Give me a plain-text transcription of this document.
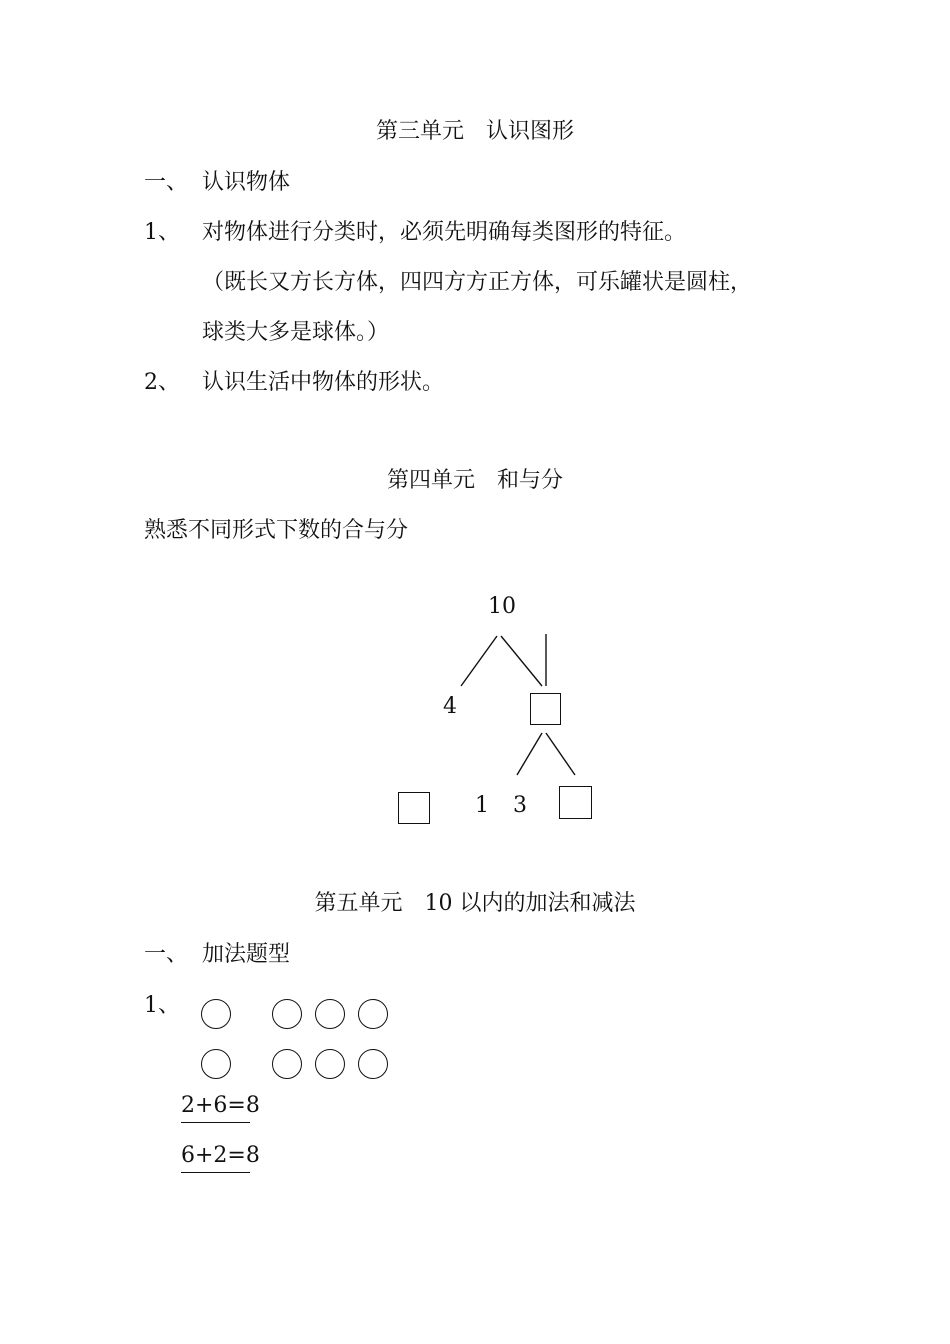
第三单元　认识图形
一、 认识物体
1、 对物体进行分类时，必须先明确每类图形的特征。
（既长又方长方体，四四方方正方体，可乐罐状是圆柱，
球类大多是球体。）
2、 认识生活中物体的形状。
第四单元　和与分
熟悉不同形式下数的合与分
10
4
1 3
第五单元　10 以内的加法和减法
一、 加法题型
1、
2+6=8
6+2=8
